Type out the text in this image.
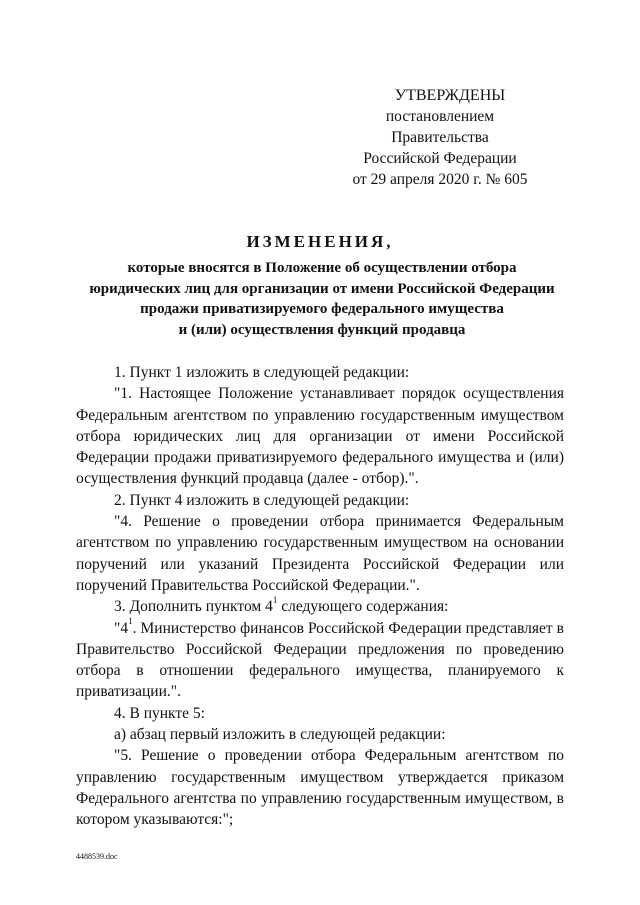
УТВЕРЖДЕНЫ
постановлением Правительства
Российской Федерации
от 29 апреля 2020 г. № 605
ИЗМЕНЕНИЯ,
которые вносятся в Положение об осуществлении отбора
юридических лиц для организации от имени Российской Федерации
продажи приватизируемого федерального имущества
и (или) осуществления функций продавца

1. Пункт 1 изложить в следующей редакции:

"1. Настоящее Положение устанавливает порядок осуществления Федеральным агентством по управлению государственным имуществом отбора юридических лиц для организации от имени Российской Федерации продажи приватизируемого федерального имущества и (или) осуществления функций продавца (далее - отбор).".

2. Пункт 4 изложить в следующей редакции:

"4. Решение о проведении отбора принимается Федеральным агентством по управлению государственным имуществом на основании поручений или указаний Президента Российской Федерации или поручений Правительства Российской Федерации.".

3. Дополнить пунктом $4^1$ следующего содержания:

"$4^1$. Министерство финансов Российской Федерации представляет в Правительство Российской Федерации предложения по проведению отбора в отношении федерального имущества, планируемого к приватизации.".

4. В пункте 5:

а) абзац первый изложить в следующей редакции:

"5. Решение о проведении отбора Федеральным агентством по управлению государственным имуществом утверждается приказом Федерального агентства по управлению государственным имуществом, в котором указываются:";

4488539.doc
